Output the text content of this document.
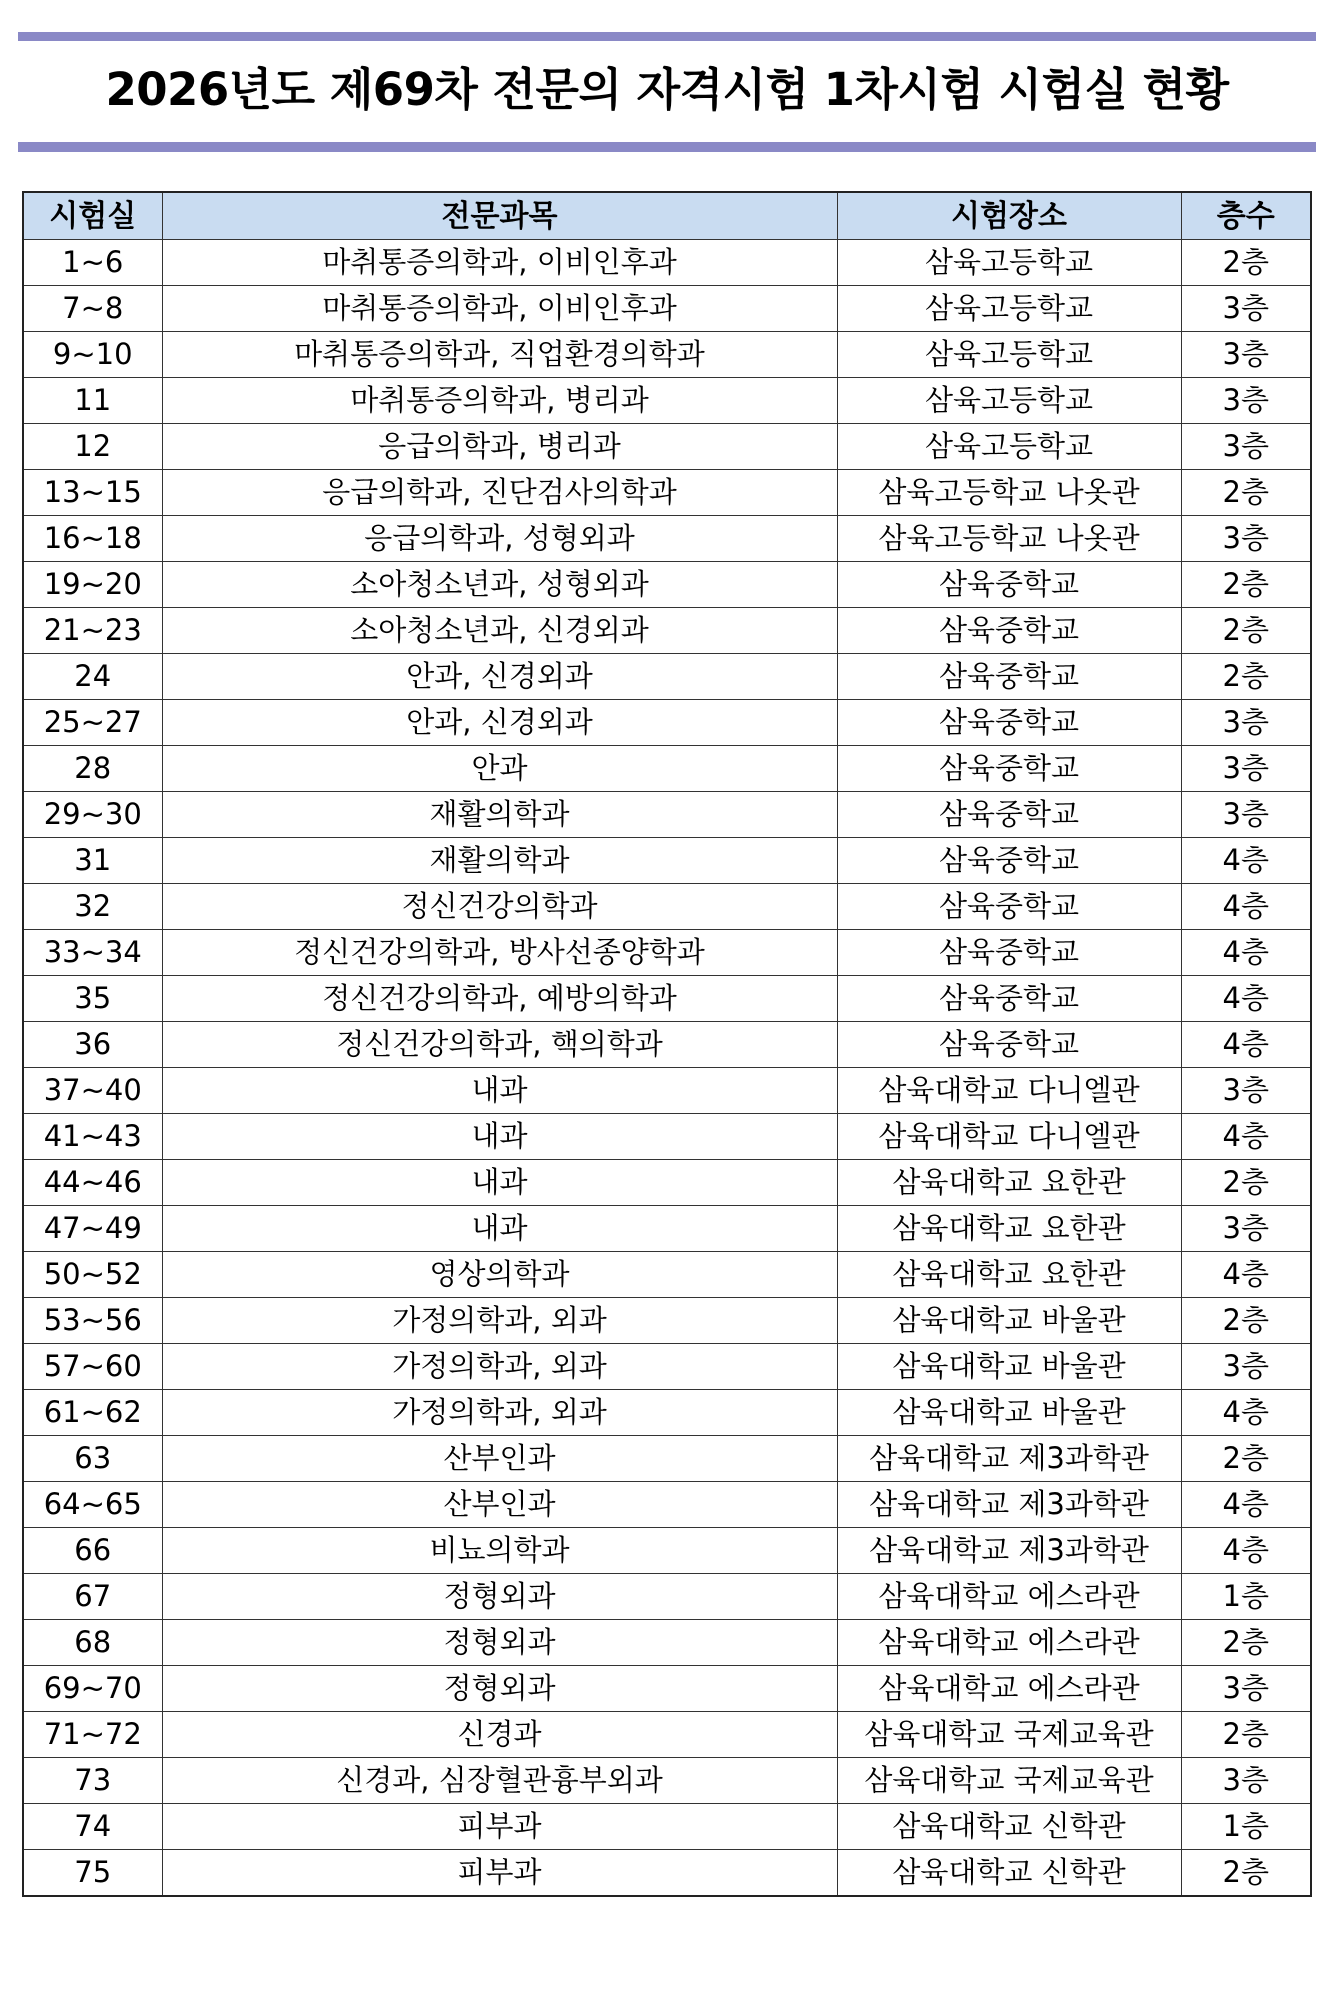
2026년도 제69차 전문의 자격시험 1차시험 시험실 현황
시험실	전문과목	시험장소	층수
1~6	마취통증의학과, 이비인후과	삼육고등학교	2층
7~8	마취통증의학과, 이비인후과	삼육고등학교	3층
9~10	마취통증의학과, 직업환경의학과	삼육고등학교	3층
11	마취통증의학과, 병리과	삼육고등학교	3층
12	응급의학과, 병리과	삼육고등학교	3층
13~15	응급의학과, 진단검사의학과	삼육고등학교 나옷관	2층
16~18	응급의학과, 성형외과	삼육고등학교 나옷관	3층
19~20	소아청소년과, 성형외과	삼육중학교	2층
21~23	소아청소년과, 신경외과	삼육중학교	2층
24	안과, 신경외과	삼육중학교	2층
25~27	안과, 신경외과	삼육중학교	3층
28	안과	삼육중학교	3층
29~30	재활의학과	삼육중학교	3층
31	재활의학과	삼육중학교	4층
32	정신건강의학과	삼육중학교	4층
33~34	정신건강의학과, 방사선종양학과	삼육중학교	4층
35	정신건강의학과, 예방의학과	삼육중학교	4층
36	정신건강의학과, 핵의학과	삼육중학교	4층
37~40	내과	삼육대학교 다니엘관	3층
41~43	내과	삼육대학교 다니엘관	4층
44~46	내과	삼육대학교 요한관	2층
47~49	내과	삼육대학교 요한관	3층
50~52	영상의학과	삼육대학교 요한관	4층
53~56	가정의학과, 외과	삼육대학교 바울관	2층
57~60	가정의학과, 외과	삼육대학교 바울관	3층
61~62	가정의학과, 외과	삼육대학교 바울관	4층
63	산부인과	삼육대학교 제3과학관	2층
64~65	산부인과	삼육대학교 제3과학관	4층
66	비뇨의학과	삼육대학교 제3과학관	4층
67	정형외과	삼육대학교 에스라관	1층
68	정형외과	삼육대학교 에스라관	2층
69~70	정형외과	삼육대학교 에스라관	3층
71~72	신경과	삼육대학교 국제교육관	2층
73	신경과, 심장혈관흉부외과	삼육대학교 국제교육관	3층
74	피부과	삼육대학교 신학관	1층
75	피부과	삼육대학교 신학관	2층
